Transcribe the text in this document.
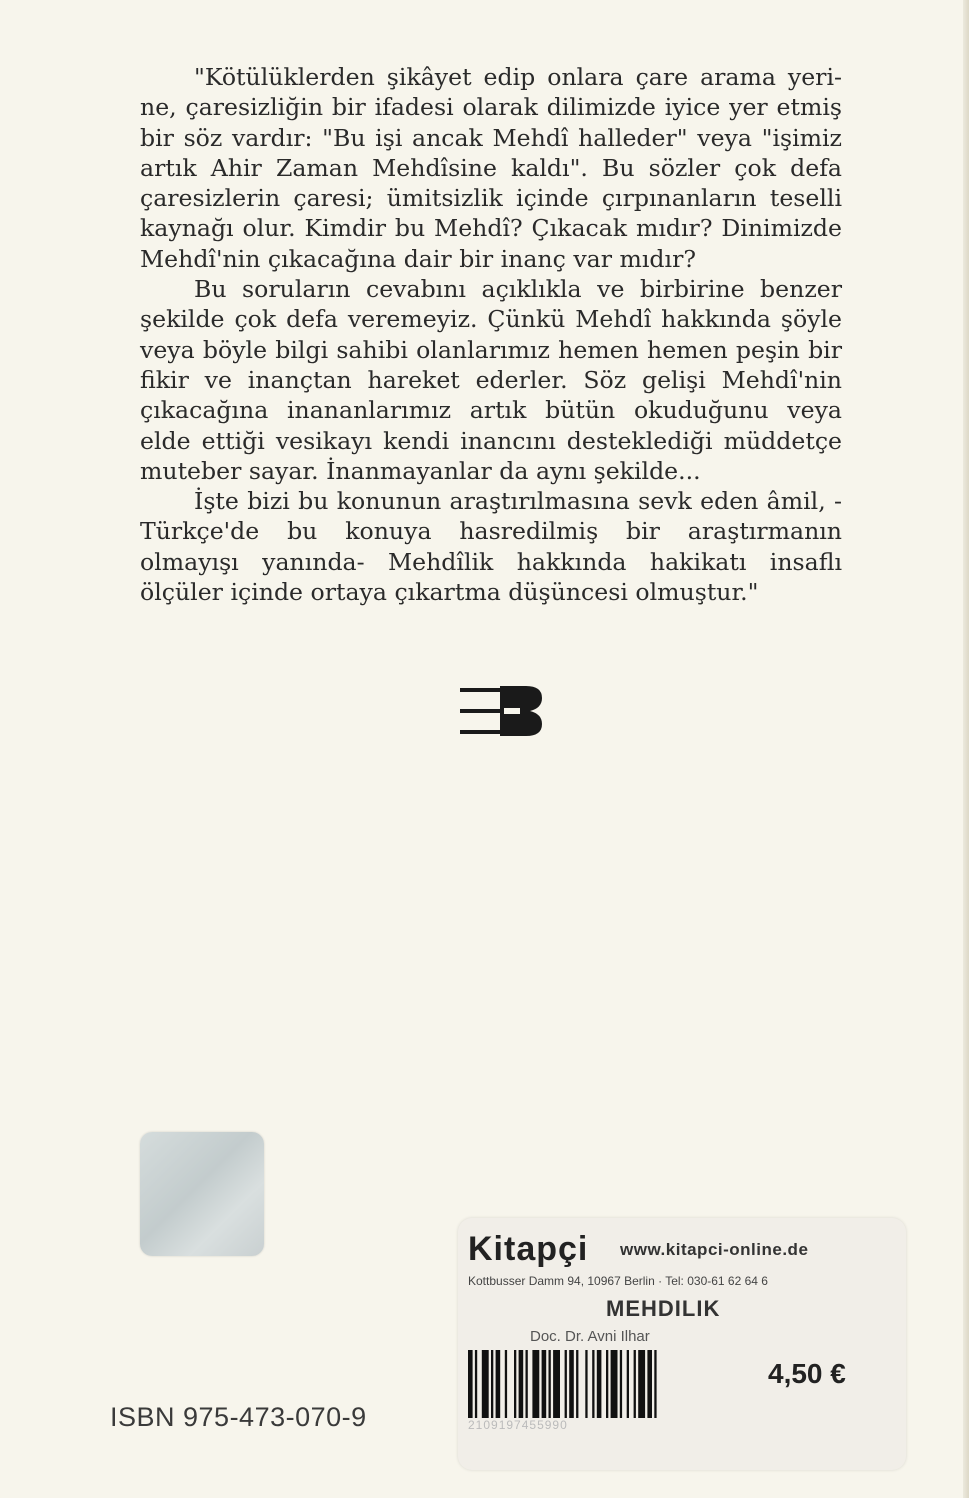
"Kötülüklerden şikâyet edip onlara çare arama yerine, çaresizliğin bir ifadesi olarak dilimizde iyice yer etmiş bir söz vardır: "Bu işi ancak Mehdî halleder" veya "işimiz artık Ahir Zaman Mehdîsine kaldı". Bu sözler çok defa çaresizlerin çaresi; ümitsizlik içinde çırpınanların teselli kaynağı olur. Kimdir bu Mehdî? Çıkacak mıdır? Dinimizde Mehdî'nin çıkacağına dair bir inanç var mıdır?

Bu soruların cevabını açıklıkla ve birbirine benzer şekilde çok defa veremeyiz. Çünkü Mehdî hakkında şöyle veya böyle bilgi sahibi olanlarımız hemen hemen peşin bir fikir ve inançtan hareket ederler. Söz gelişi Mehdî'nin çıkacağına inananlarımız artık bütün okuduğunu veya elde ettiği vesikayı kendi inancını desteklediği müddetçe muteber sayar. İnanmayanlar da aynı şekilde...

İşte bizi bu konunun araştırılmasına sevk eden âmil, -Türkçe'de bu konuya hasredilmiş bir araştırmanın olmayışı yanında- Mehdîlik hakkında hakikatı insaflı ölçüler içinde ortaya çıkartma düşüncesi olmuştur."

ISBN 975-473-070-9
Kitapçi www.kitapci-online.de
Kottbusser Damm 94, 10967 Berlin · Tel: 030-61 62 64 6
MEHDILIK
Doc. Dr. Avni Ilhar
2109197455990
4,50 €
